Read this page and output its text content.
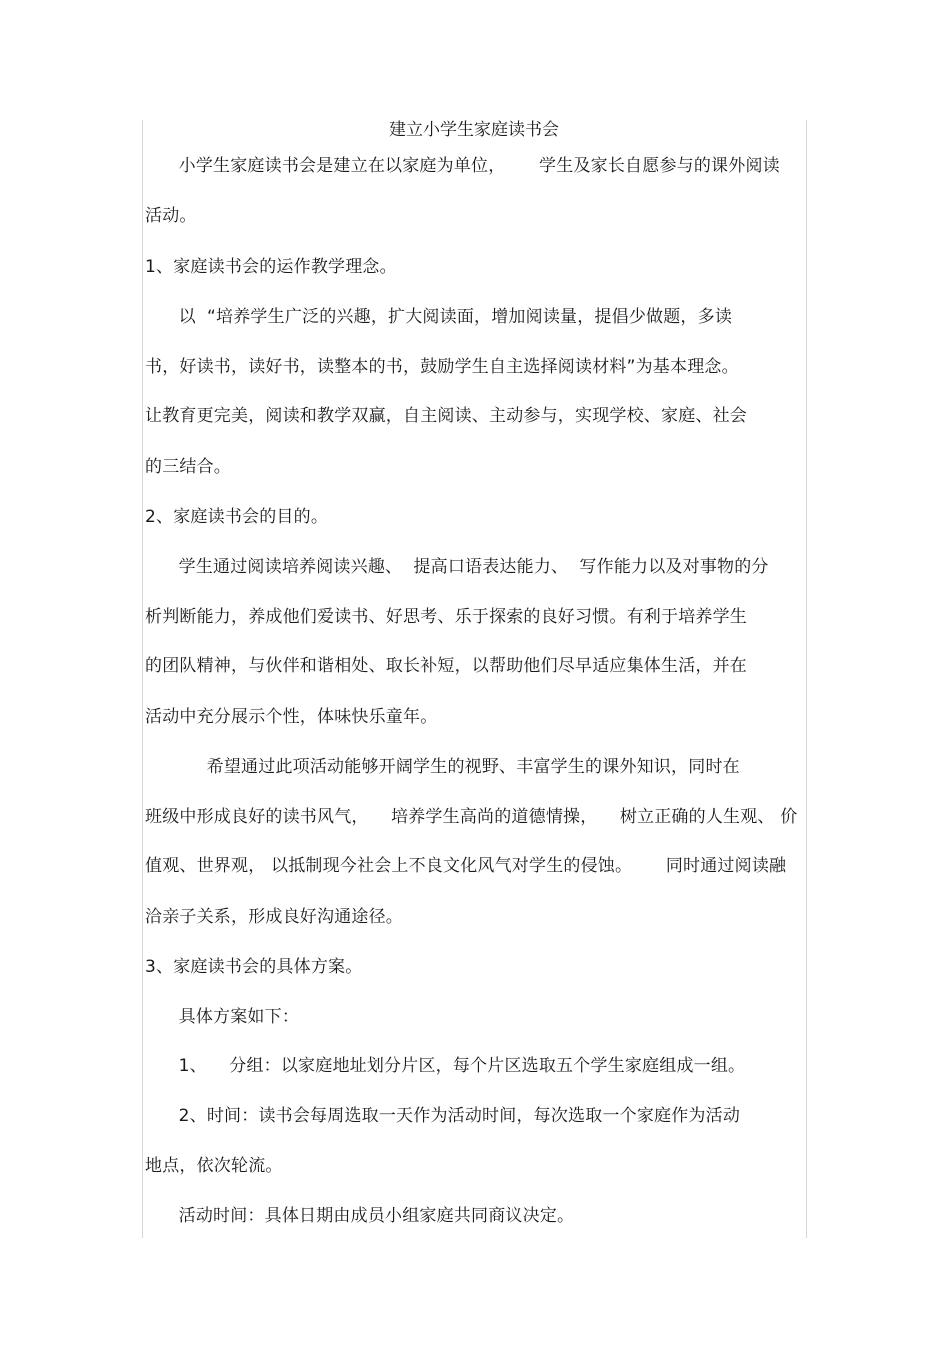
建立小学生家庭读书会
小学生家庭读书会是建立在以家庭为单位，      学生及家长自愿参与的课外阅读
活动。
1、家庭读书会的运作教学理念。
以  “培养学生广泛的兴趣，扩大阅读面，增加阅读量，提倡少做题，多读
书，好读书，读好书，读整本的书，鼓励学生自主选择阅读材料”为基本理念。
让教育更完美，阅读和教学双赢，自主阅读、主动参与，实现学校、家庭、社会
的三结合。
2、家庭读书会的目的。
学生通过阅读培养阅读兴趣、  提高口语表达能力、  写作能力以及对事物的分
析判断能力，养成他们爱读书、好思考、乐于探索的良好习惯。有利于培养学生
的团队精神，与伙伴和谐相处、取长补短，以帮助他们尽早适应集体生活，并在
活动中充分展示个性，体味快乐童年。
希望通过此项活动能够开阔学生的视野、丰富学生的课外知识，同时在
班级中形成良好的读书风气，    培养学生高尚的道德情操，    树立正确的人生观、 价
值观、世界观， 以抵制现今社会上不良文化风气对学生的侵蚀。      同时通过阅读融
洽亲子关系，形成良好沟通途径。
3、家庭读书会的具体方案。
具体方案如下：
1、    分组：以家庭地址划分片区，每个片区选取五个学生家庭组成一组。
2、时间：读书会每周选取一天作为活动时间，每次选取一个家庭作为活动
地点，依次轮流。
活动时间：具体日期由成员小组家庭共同商议决定。
